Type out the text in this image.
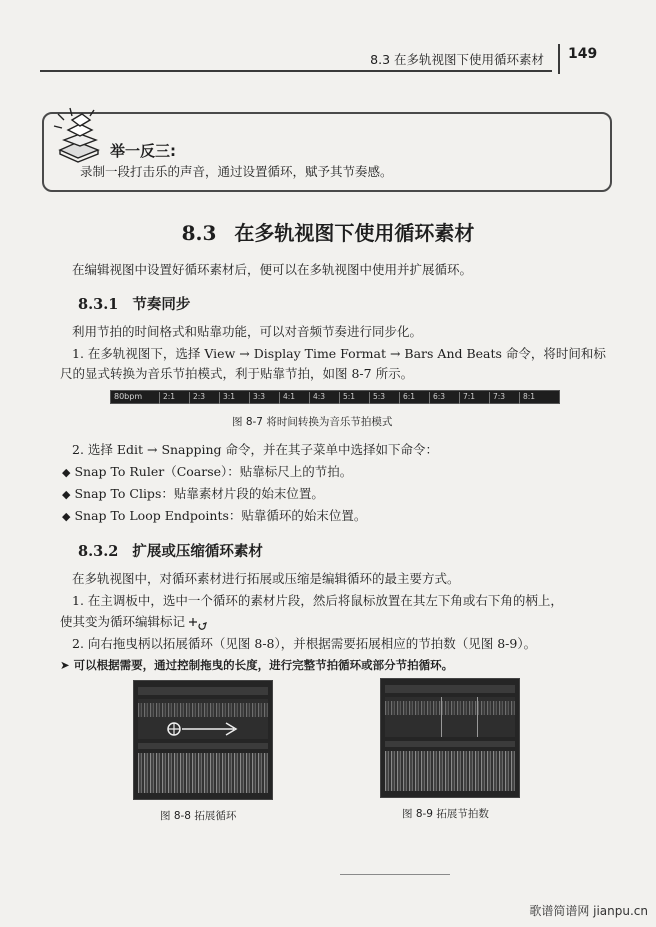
8.3 在多轨视图下使用循环素材 149
举一反三:
录制一段打击乐的声音，通过设置循环，赋予其节奏感。
8.3 在多轨视图下使用循环素材
在编辑视图中设置好循环素材后，便可以在多轨视图中使用并扩展循环。
8.3.1 节奏同步
利用节拍的时间格式和贴靠功能，可以对音频节奏进行同步化。
1. 在多轨视图下，选择 View → Display Time Format → Bars And Beats 命令，将时间和标
尺的显式转换为音乐节拍模式，利于贴靠节拍，如图 8-7 所示。
80bpm	2:1 2:3 3:1 3:3 4:1 4:3 5:1 5:3 6:1 6:3 7:1 7:3 8:1
图 8-7 将时间转换为音乐节拍模式
2. 选择 Edit → Snapping 命令，并在其子菜单中选择如下命令：
◆ Snap To Ruler（Coarse）：贴靠标尺上的节拍。
◆ Snap To Clips：贴靠素材片段的始末位置。
◆ Snap To Loop Endpoints：贴靠循环的始末位置。
8.3.2 扩展或压缩循环素材
在多轨视图中，对循环素材进行拓展或压缩是编辑循环的最主要方式。
1. 在主调板中，选中一个循环的素材片段，然后将鼠标放置在其左下角或右下角的柄上，
使其变为循环编辑标记
2. 向右拖曳柄以拓展循环（见图 8-8），并根据需要拓展相应的节拍数（见图 8-9）。
➤ 可以根据需要，通过控制拖曳的长度，进行完整节拍循环或部分节拍循环。
图 8-8 拓展循环	图 8-9 拓展节拍数
歌谱简谱网 jianpu.cn
